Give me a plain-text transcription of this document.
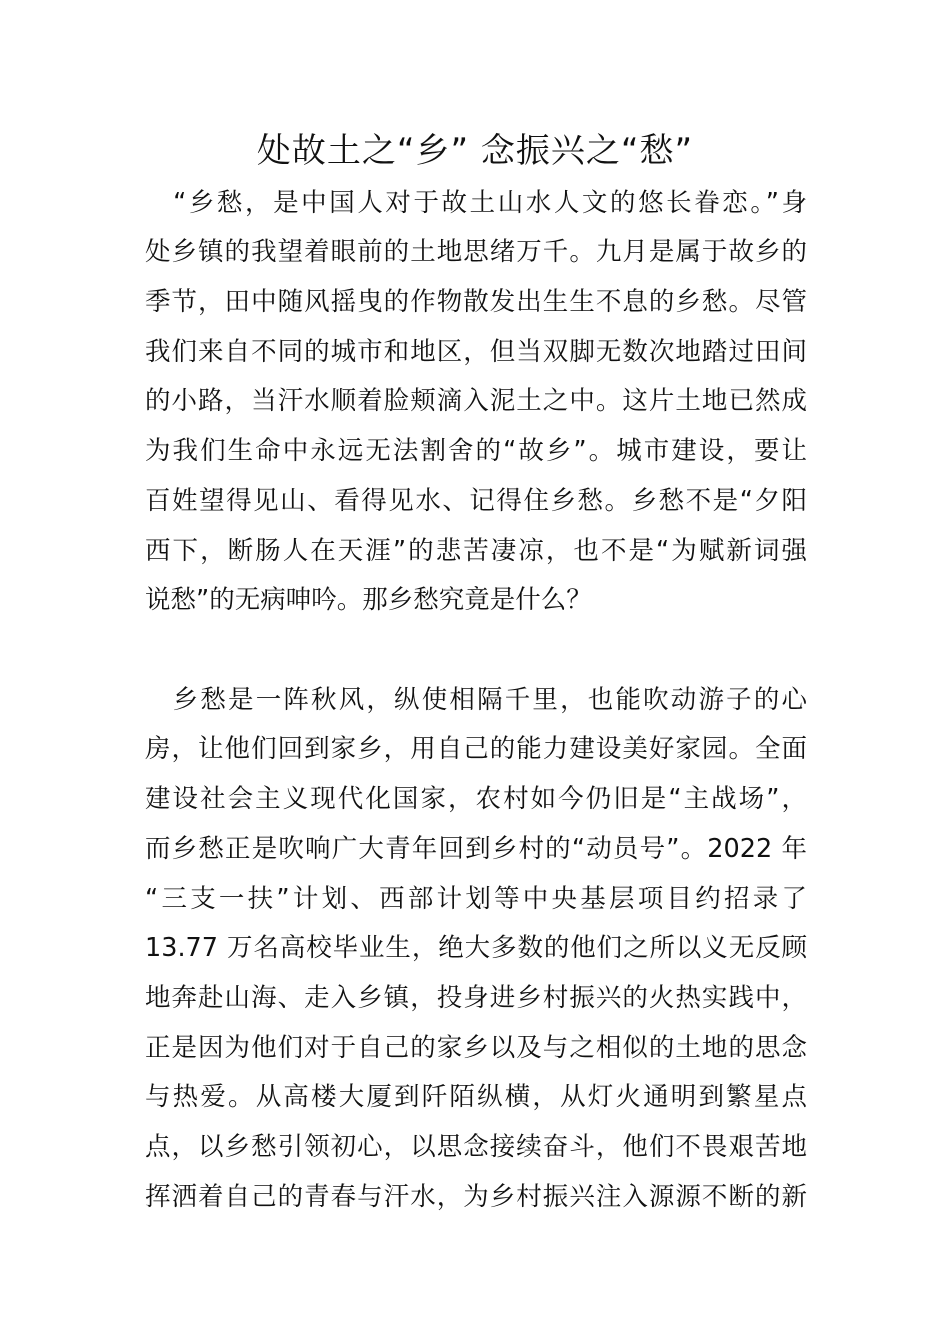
处故土之“乡” 念振兴之“愁”
　“乡愁，是中国人对于故土山水人文的悠长眷恋。”身
处乡镇的我望着眼前的土地思绪万千。九月是属于故乡的
季节，田中随风摇曳的作物散发出生生不息的乡愁。尽管
我们来自不同的城市和地区，但当双脚无数次地踏过田间
的小路，当汗水顺着脸颊滴入泥土之中。这片土地已然成
为我们生命中永远无法割舍的“故乡”。城市建设，要让
百姓望得见山、看得见水、记得住乡愁。乡愁不是“夕阳
西下，断肠人在天涯”的悲苦凄凉，也不是“为赋新词强
说愁”的无病呻吟。那乡愁究竟是什么？
　乡愁是一阵秋风，纵使相隔千里，也能吹动游子的心
房，让他们回到家乡，用自己的能力建设美好家园。全面
建设社会主义现代化国家，农村如今仍旧是“主战场”，
而乡愁正是吹响广大青年回到乡村的“动员号”。2022 年
“三支一扶”计划、西部计划等中央基层项目约招录了
13.77 万名高校毕业生，绝大多数的他们之所以义无反顾
地奔赴山海、走入乡镇，投身进乡村振兴的火热实践中，
正是因为他们对于自己的家乡以及与之相似的土地的思念
与热爱。从高楼大厦到阡陌纵横，从灯火通明到繁星点
点，以乡愁引领初心，以思念接续奋斗，他们不畏艰苦地
挥洒着自己的青春与汗水，为乡村振兴注入源源不断的新
